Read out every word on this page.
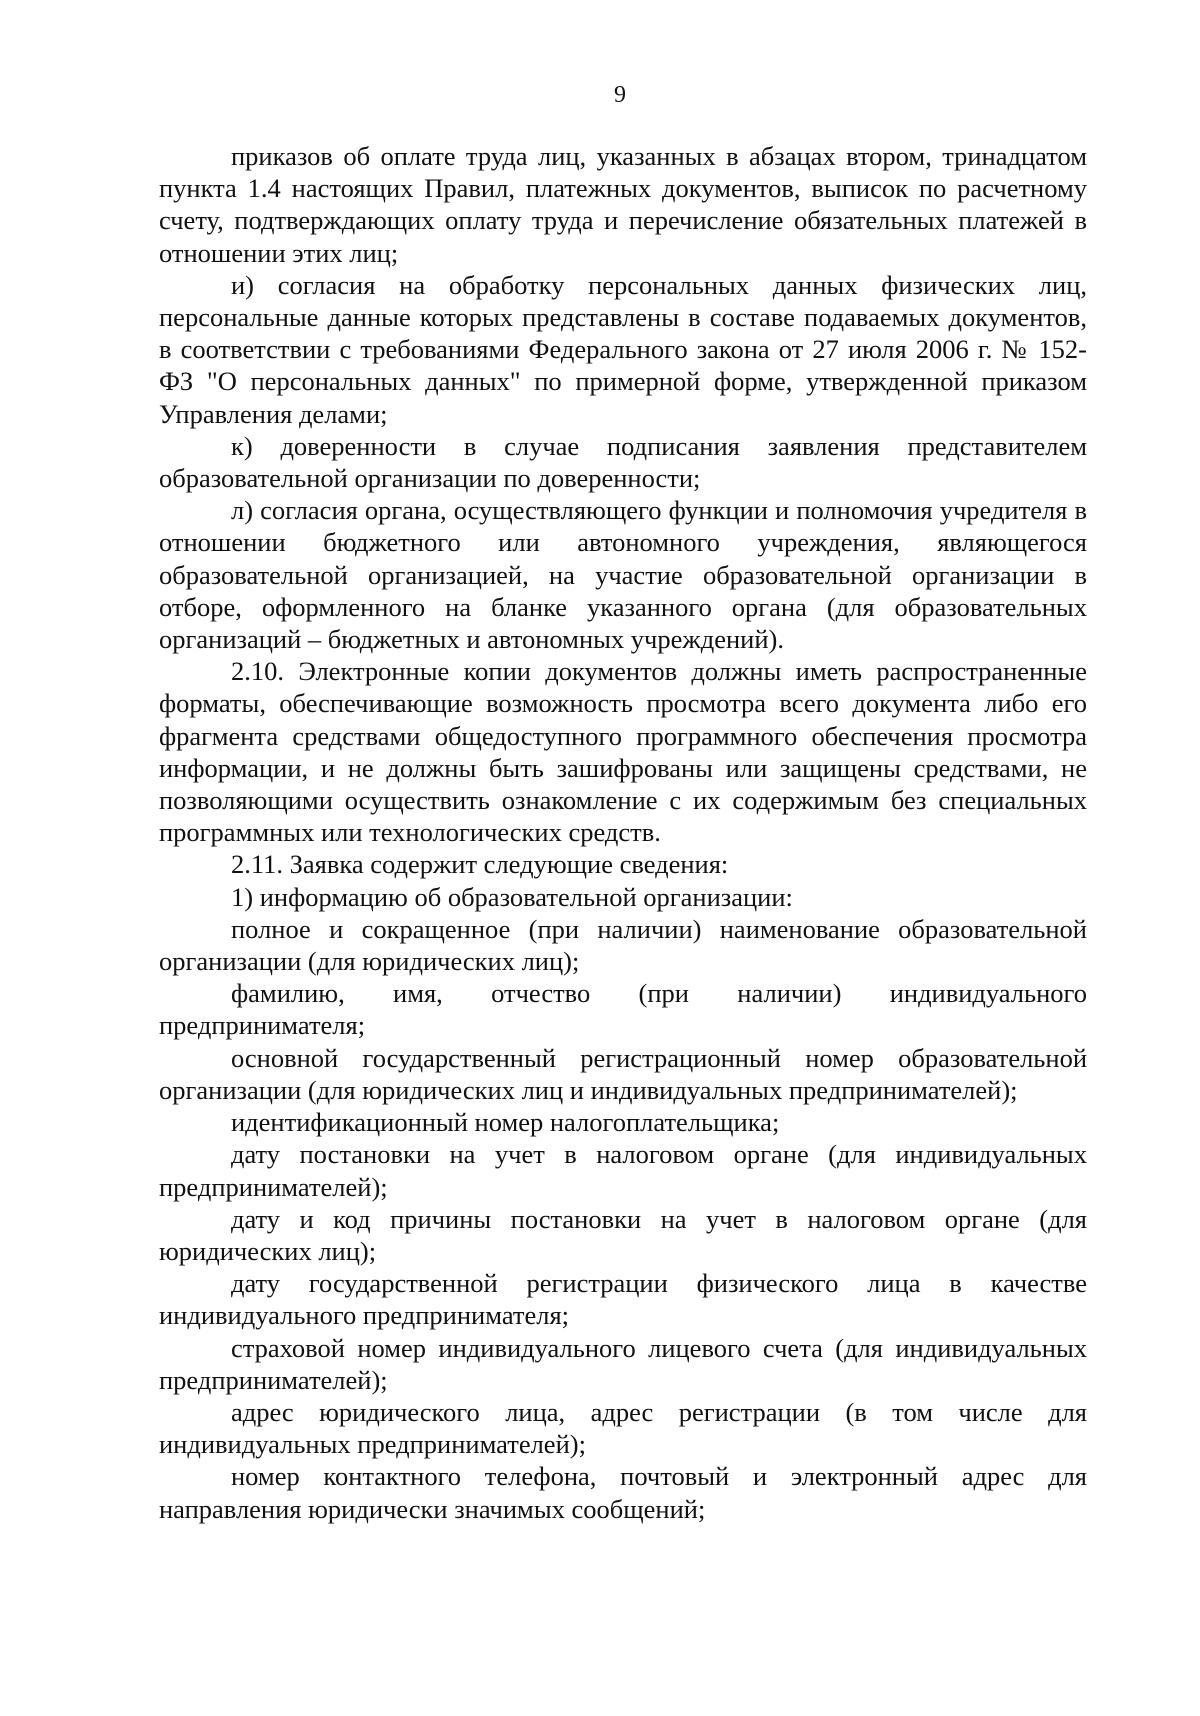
9

приказов об оплате труда лиц, указанных в абзацах втором, тринадцатом пункта 1.4 настоящих Правил, платежных документов, выписок по расчетному счету, подтверждающих оплату труда и перечисление обязательных платежей в отношении этих лиц;

и) согласия на обработку персональных данных физических лиц, персональные данные которых представлены в составе подаваемых документов, в соответствии с требованиями Федерального закона от 27 июля 2006 г. № 152-ФЗ "О персональных данных" по примерной форме, утвержденной приказом Управления делами;

к) доверенности в случае подписания заявления представителем образовательной организации по доверенности;

л) согласия органа, осуществляющего функции и полномочия учредителя в отношении бюджетного или автономного учреждения, являющегося образовательной организацией, на участие образовательной организации в отборе, оформленного на бланке указанного органа (для образовательных организаций – бюджетных и автономных учреждений).

2.10. Электронные копии документов должны иметь распространенные форматы, обеспечивающие возможность просмотра всего документа либо его фрагмента средствами общедоступного программного обеспечения просмотра информации, и не должны быть зашифрованы или защищены средствами, не позволяющими осуществить ознакомление с их содержимым без специальных программных или технологических средств.

2.11. Заявка содержит следующие сведения:

1) информацию об образовательной организации:

полное и сокращенное (при наличии) наименование образовательной организации (для юридических лиц);

фамилию, имя, отчество (при наличии) индивидуального предпринимателя;

основной государственный регистрационный номер образовательной организации (для юридических лиц и индивидуальных предпринимателей);

идентификационный номер налогоплательщика;

дату постановки на учет в налоговом органе (для индивидуальных предпринимателей);

дату и код причины постановки на учет в налоговом органе (для юридических лиц);

дату государственной регистрации физического лица в качестве индивидуального предпринимателя;

страховой номер индивидуального лицевого счета (для индивидуальных предпринимателей);

адрес юридического лица, адрес регистрации (в том числе для индивидуальных предпринимателей);

номер контактного телефона, почтовый и электронный адрес для направления юридически значимых сообщений;
